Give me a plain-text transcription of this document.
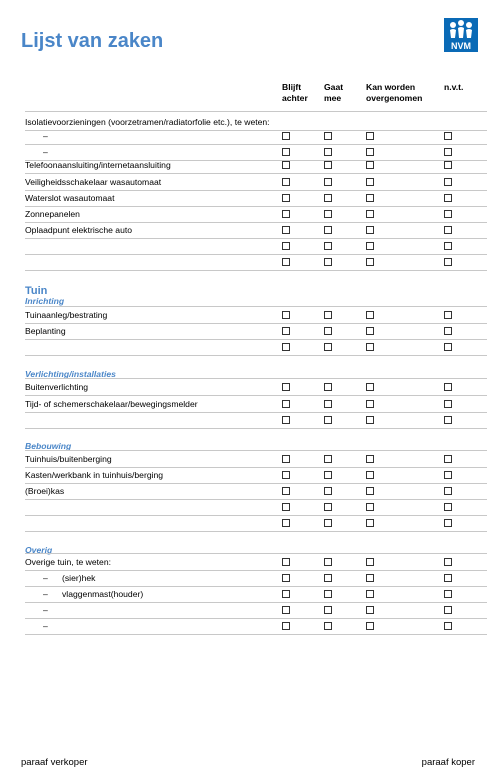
Lijst van zaken	NVM
Blijft
achter
Gaat
mee
Kan worden
overgenomen
n.v.t.
Isolatievoorzieningen (voorzetramen/radiatorfolie etc.), te weten:
–
–
Telefoonaansluiting/internetaansluiting
Veiligheidsschakelaar wasautomaat
Waterslot wasautomaat
Zonnepanelen
Oplaadpunt elektrische auto
Tuin
Inrichting
Tuinaanleg/bestrating
Beplanting
Verlichting/installaties
Buitenverlichting
Tijd- of schemerschakelaar/bewegingsmelder
Bebouwing
Tuinhuis/buitenberging
Kasten/werkbank in tuinhuis/berging
(Broei)kas
Overig
Overige tuin, te weten:
– (sier)hek
– vlaggenmast(houder)
–
–
paraaf verkoper	paraaf koper
